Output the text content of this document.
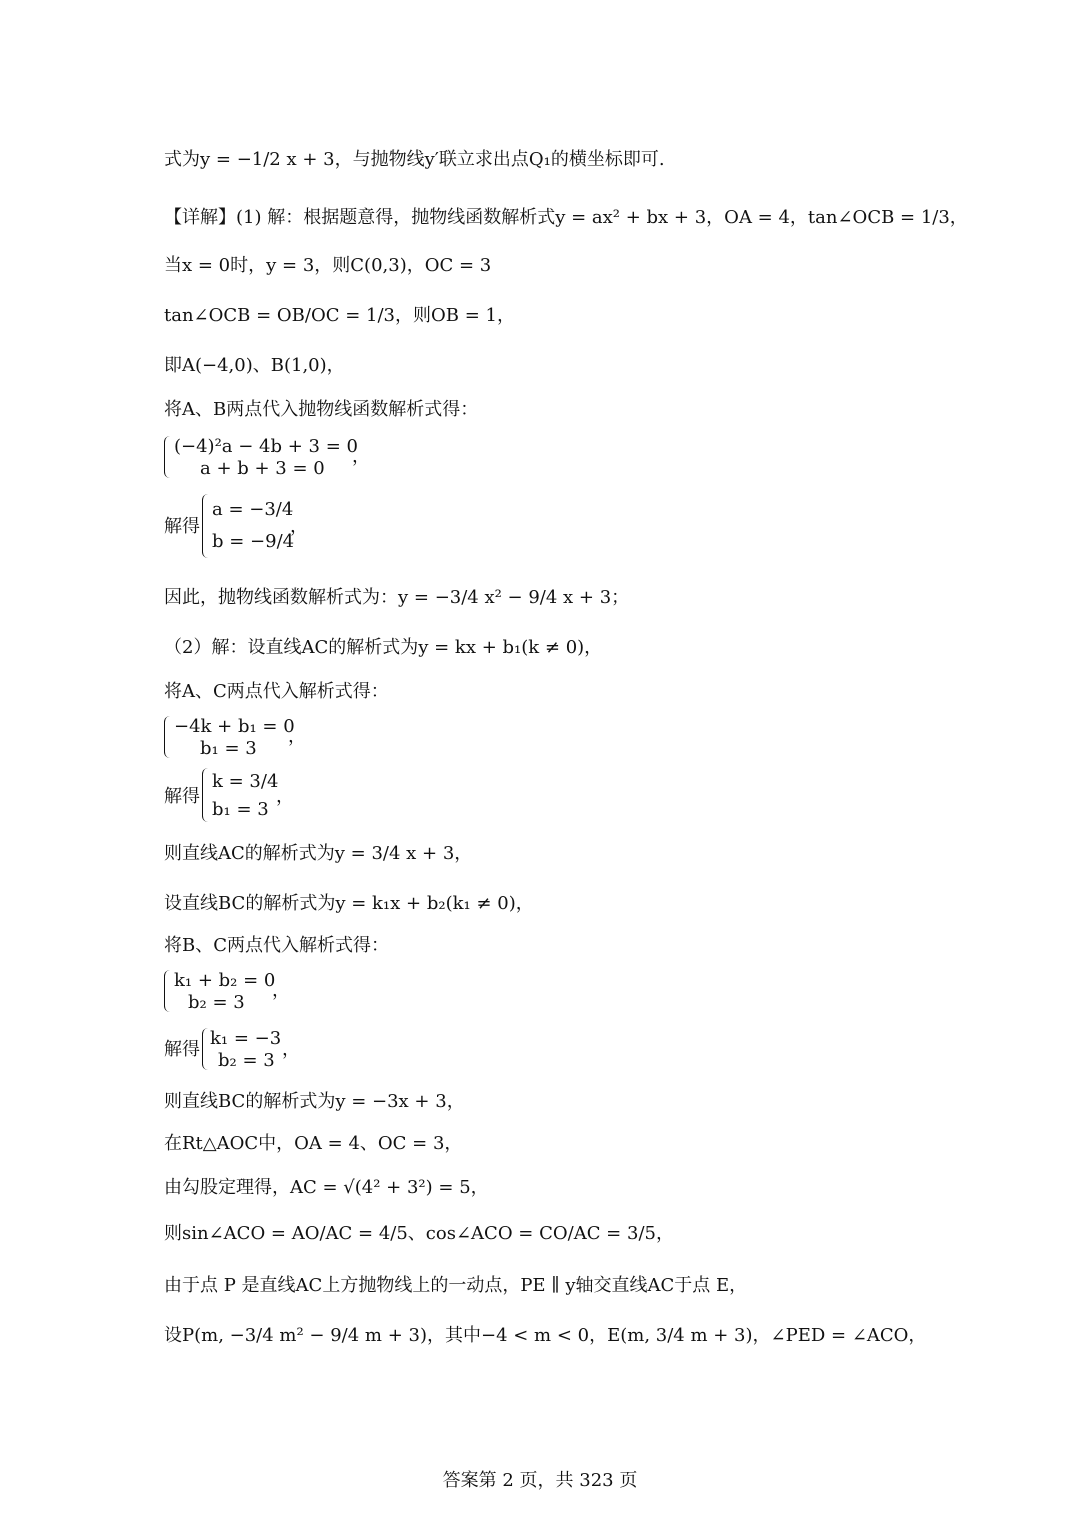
式为y = −1/2 x + 3，与抛物线y′联立求出点Q₁的横坐标即可.
【详解】(1) 解：根据题意得，抛物线函数解析式y = ax² + bx + 3，OA = 4，tan∠OCB = 1/3，
当x = 0时，y = 3，则C(0,3)，OC = 3
tan∠OCB = OB/OC = 1/3，则OB = 1，
即A(−4,0)、B(1,0)，
将A、B两点代入抛物线函数解析式得：
(−4)²a − 4b + 3 = 0
a + b + 3 = 0
，
解得
a = −3/4
b = −9/4
，
因此，抛物线函数解析式为：y = −3/4 x² − 9/4 x + 3；
（2）解：设直线AC的解析式为y = kx + b₁(k ≠ 0)，
将A、C两点代入解析式得：
−4k + b₁ = 0
b₁ = 3
，
解得
k = 3/4
b₁ = 3
，
则直线AC的解析式为y = 3/4 x + 3，
设直线BC的解析式为y = k₁x + b₂(k₁ ≠ 0)，
将B、C两点代入解析式得：
k₁ + b₂ = 0
b₂ = 3
，
解得
k₁ = −3
b₂ = 3
，
则直线BC的解析式为y = −3x + 3，
在Rt△AOC中，OA = 4、OC = 3，
由勾股定理得，AC = √(4² + 3²) = 5，
则sin∠ACO = AO/AC = 4/5、cos∠ACO = CO/AC = 3/5，
由于点 P 是直线AC上方抛物线上的一动点，PE ∥ y轴交直线AC于点 E，
设P(m, −3/4 m² − 9/4 m + 3)，其中−4 < m < 0，E(m, 3/4 m + 3)，∠PED = ∠ACO，
答案第 2 页，共 323 页
